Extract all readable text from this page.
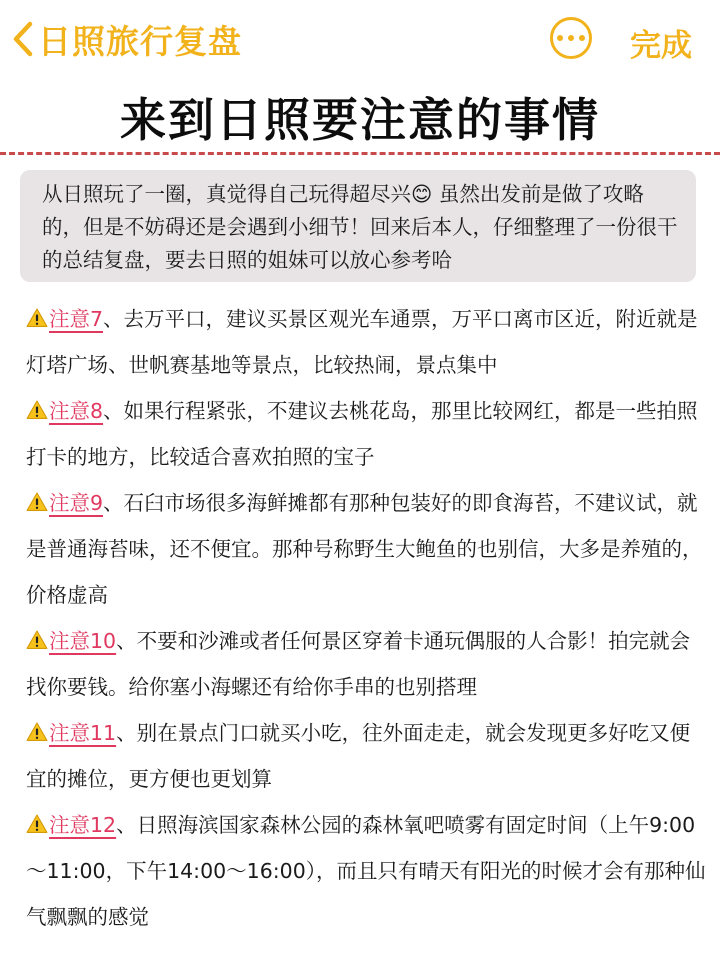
日照旅行复盘	完成
来到日照要注意的事情
从日照玩了一圈，真觉得自己玩得超尽兴😊 虽然出发前是做了攻略的，但是不妨碍还是会遇到小细节！回来后本人，仔细整理了一份很干的总结复盘，要去日照的姐妹可以放心参考哈

注意7、去万平口，建议买景区观光车通票，万平口离市区近，附近就是灯塔广场、世帆赛基地等景点，比较热闹，景点集中

注意8、如果行程紧张，不建议去桃花岛，那里比较网红，都是一些拍照打卡的地方，比较适合喜欢拍照的宝子

注意9、石臼市场很多海鲜摊都有那种包装好的即食海苔，不建议试，就是普通海苔味，还不便宜。那种号称野生大鲍鱼的也别信，大多是养殖的，价格虚高

注意10、不要和沙滩或者任何景区穿着卡通玩偶服的人合影！拍完就会找你要钱。给你塞小海螺还有给你手串的也别搭理

注意11、别在景点门口就买小吃，往外面走走，就会发现更多好吃又便宜的摊位，更方便也更划算

注意12、日照海滨国家森林公园的森林氧吧喷雾有固定时间（上午9:00～11:00，下午14:00～16:00），而且只有晴天有阳光的时候才会有那种仙气飘飘的感觉
